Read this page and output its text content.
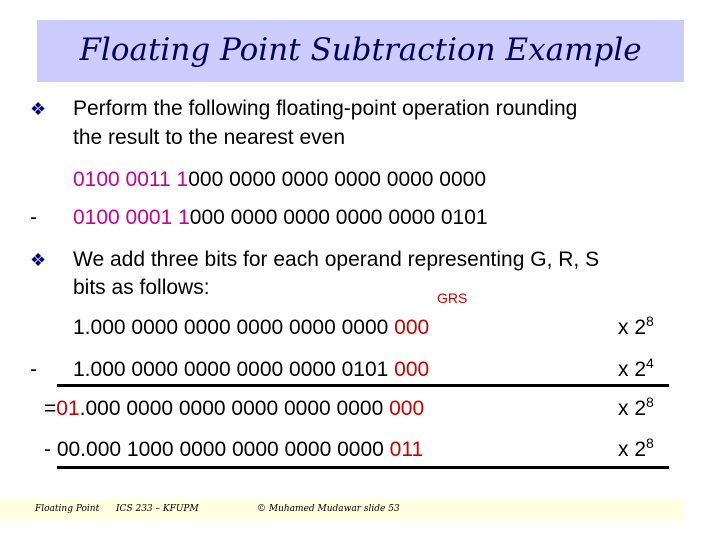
Floating Point Subtraction Example
❖ Perform the following floating-point operation rounding
the result to the nearest even
0100 0011 1000 0000 0000 0000 0000 0000
- 0100 0001 1000 0000 0000 0000 0000 0101
❖ We add three bits for each operand representing G, R, S
bits as follows:	GRS
1.000 0000 0000 0000 0000 0000 000	x $2^8$
- 1.000 0000 0000 0000 0000 0101 000	x $2^4$
=01.000 0000 0000 0000 0000 0000 000	x $2^8$
- 00.000 1000 0000 0000 0000 0000 011	x $2^8$
Floating Point ICS 233 – KFUPM	© Muhamed Mudawar slide 53
